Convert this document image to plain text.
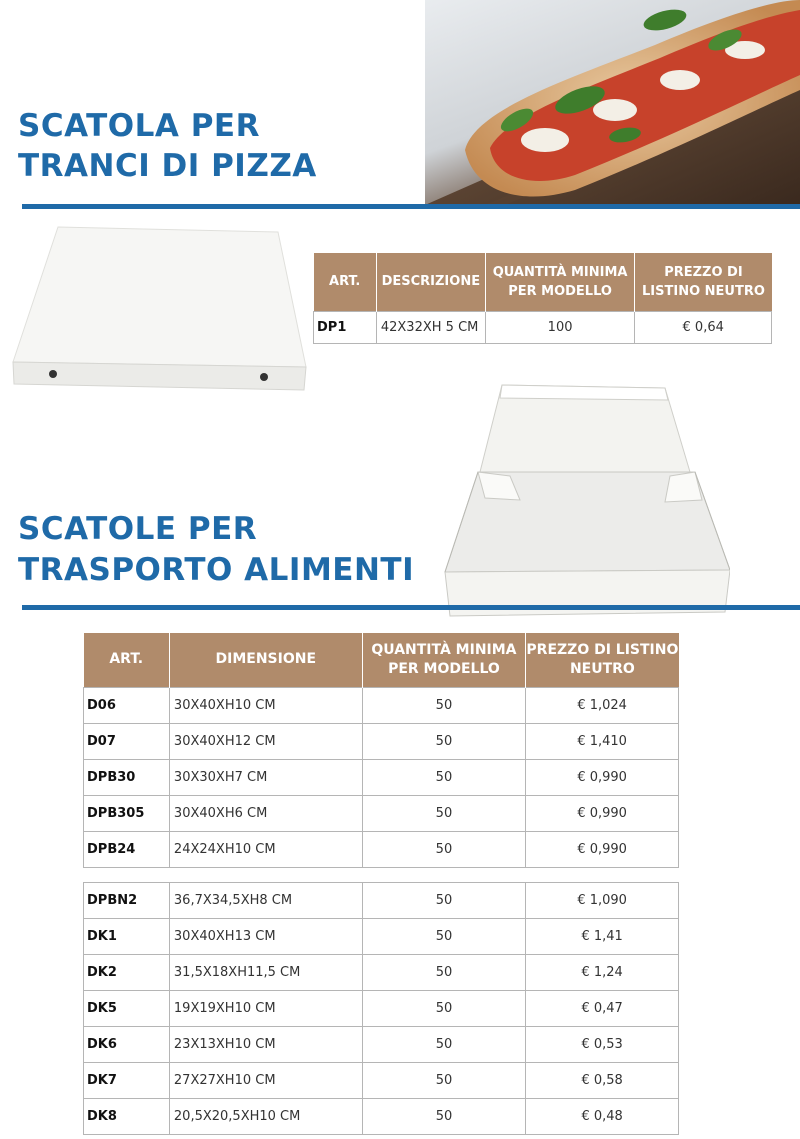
SCATOLA PER
TRANCI DI PIZZA
ART.	DESCRIZIONE	QUANTITÀ MINIMA PER MODELLO	PREZZO DI LISTINO NEUTRO
DP1	42X32XH 5 CM	100	€ 0,64
SCATOLE PER
TRASPORTO ALIMENTI
ART.	DIMENSIONE	QUANTITÀ MINIMA PER MODELLO	PREZZO DI LISTINO NEUTRO
D06	30X40XH10 CM	50	€ 1,024
D07	30X40XH12 CM	50	€ 1,410
DPB30	30X30XH7 CM	50	€ 0,990
DPB305	30X40XH6 CM	50	€ 0,990
DPB24	24X24XH10 CM	50	€ 0,990
DPBN2	36,7X34,5XH8 CM	50	€ 1,090
DK1	30X40XH13 CM	50	€ 1,41
DK2	31,5X18XH11,5 CM	50	€ 1,24
DK5	19X19XH10 CM	50	€ 0,47
DK6	23X13XH10 CM	50	€ 0,53
DK7	27X27XH10 CM	50	€ 0,58
DK8	20,5X20,5XH10 CM	50	€ 0,48
